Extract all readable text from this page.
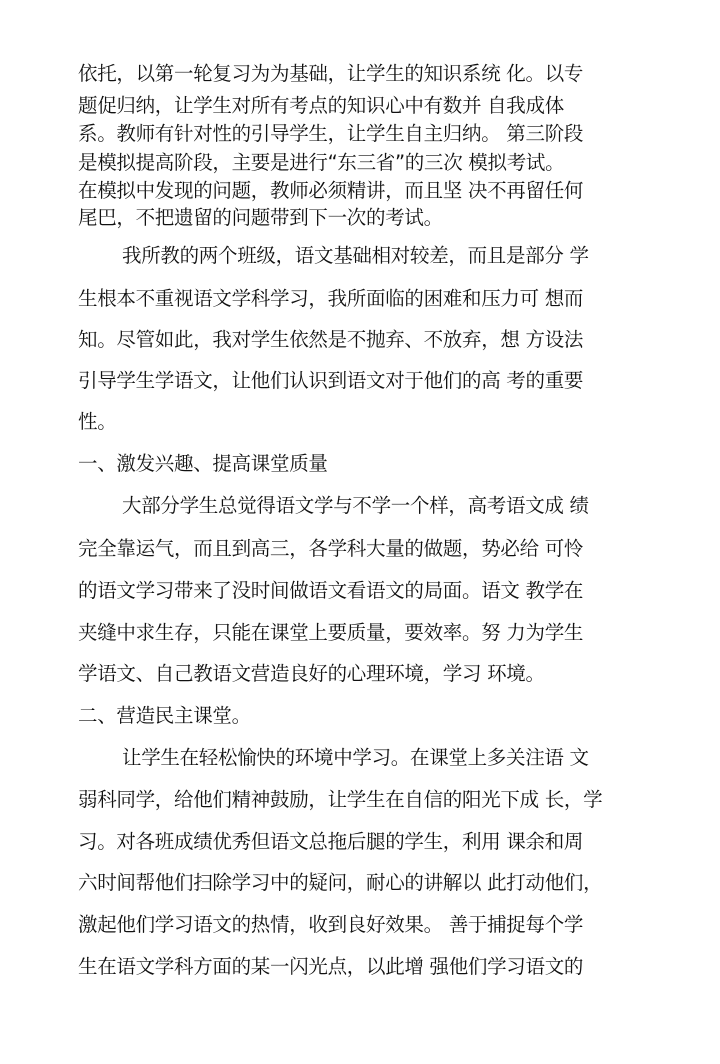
依托，以第一轮复习为为基础，让学生的知识系统 化。以专
题促归纳，让学生对所有考点的知识心中有数并 自我成体
系。教师有针对性的引导学生，让学生自主归纳。 第三阶段
是模拟提高阶段，主要是进行“东三省”的三次 模拟考试。
在模拟中发现的问题，教师必须精讲，而且坚 决不再留任何
尾巴，不把遗留的问题带到下一次的考试。
我所教的两个班级，语文基础相对较差，而且是部分 学
生根本不重视语文学科学习，我所面临的困难和压力可 想而
知。尽管如此，我对学生依然是不抛弃、不放弃，想 方设法
引导学生学语文，让他们认识到语文对于他们的高 考的重要
性。
一、激发兴趣、提高课堂质量
大部分学生总觉得语文学与不学一个样，高考语文成 绩
完全靠运气，而且到高三，各学科大量的做题，势必给 可怜
的语文学习带来了没时间做语文看语文的局面。语文 教学在
夹缝中求生存，只能在课堂上要质量，要效率。努 力为学生
学语文、自己教语文营造良好的心理环境，学习 环境。
二、营造民主课堂。
让学生在轻松愉快的环境中学习。在课堂上多关注语 文
弱科同学，给他们精神鼓励，让学生在自信的阳光下成 长，学
习。对各班成绩优秀但语文总拖后腿的学生，利用 课余和周
六时间帮他们扫除学习中的疑问，耐心的讲解以 此打动他们，
激起他们学习语文的热情，收到良好效果。 善于捕捉每个学
生在语文学科方面的某一闪光点，以此增 强他们学习语文的
